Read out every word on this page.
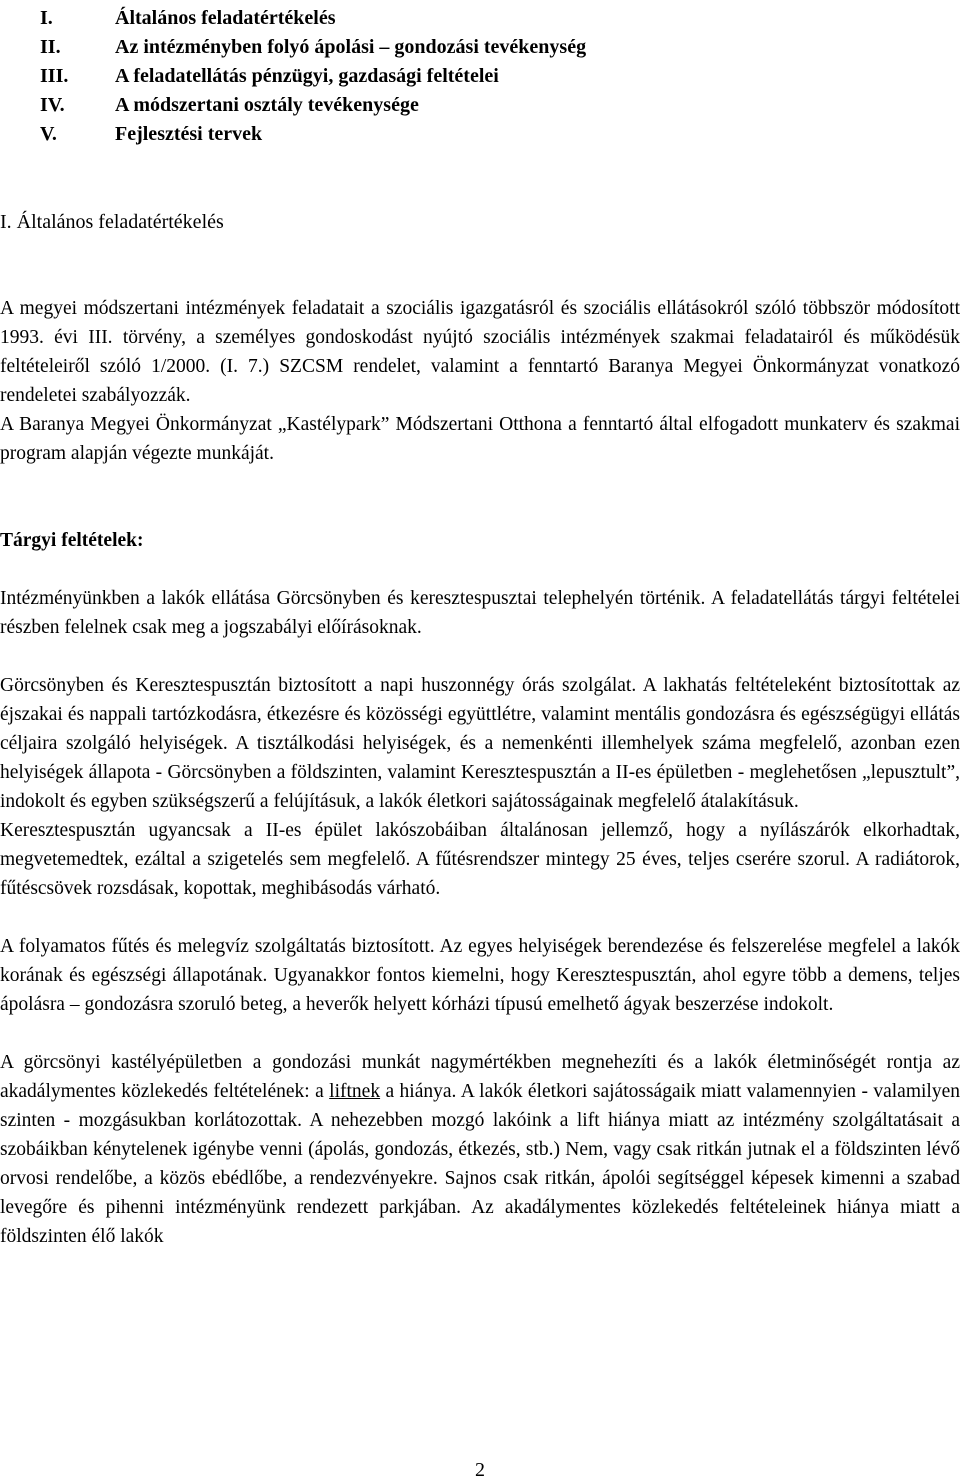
I.	Általános feladatértékelés
II.	Az intézményben folyó ápolási – gondozási tevékenység
III.	A feladatellátás pénzügyi, gazdasági feltételei
IV.	A módszertani osztály tevékenysége
V.	Fejlesztési tervek
I. Általános feladatértékelés

A megyei módszertani intézmények feladatait a szociális igazgatásról és szociális ellátásokról szóló többször módosított 1993. évi III. törvény, a személyes gondoskodást nyújtó szociális intézmények szakmai feladatairól és működésük feltételeiről szóló 1/2000. (I. 7.) SZCSM rendelet, valamint a fenntartó Baranya Megyei Önkormányzat vonatkozó rendeletei szabályozzák.

A Baranya Megyei Önkormányzat „Kastélypark” Módszertani Otthona a fenntartó által elfogadott munkaterv és szakmai program alapján végezte munkáját.

Tárgyi feltételek:

Intézményünkben a lakók ellátása Görcsönyben és keresztespusztai telephelyén történik. A feladatellátás tárgyi feltételei részben felelnek csak meg a jogszabályi előírásoknak.

Görcsönyben és Keresztespusztán biztosított a napi huszonnégy órás szolgálat. A lakhatás feltételeként biztosítottak az éjszakai és nappali tartózkodásra, étkezésre és közösségi együttlétre, valamint mentális gondozásra és egészségügyi ellátás céljaira szolgáló helyiségek. A tisztálkodási helyiségek, és a nemenkénti illemhelyek száma megfelelő, azonban ezen helyiségek állapota - Görcsönyben a földszinten, valamint Keresztespusztán a II-es épületben - meglehetősen „lepusztult”, indokolt és egyben szükségszerű a felújításuk, a lakók életkori sajátosságainak megfelelő átalakításuk.

Keresztespusztán ugyancsak a II-es épület lakószobáiban általánosan jellemző, hogy a nyílászárók elkorhadtak, megvetemedtek, ezáltal a szigetelés sem megfelelő. A fűtésrendszer mintegy 25 éves, teljes cserére szorul. A radiátorok, fűtéscsövek rozsdásak, kopottak, meghibásodás várható.

A folyamatos fűtés és melegvíz szolgáltatás biztosított. Az egyes helyiségek berendezése és felszerelése megfelel a lakók korának és egészségi állapotának. Ugyanakkor fontos kiemelni, hogy Keresztespusztán, ahol egyre több a demens, teljes ápolásra – gondozásra szoruló beteg, a heverők helyett kórházi típusú emelhető ágyak beszerzése indokolt.

A görcsönyi kastélyépületben a gondozási munkát nagymértékben megnehezíti és a lakók életminőségét rontja az akadálymentes közlekedés feltételének: a liftnek a hiánya. A lakók életkori sajátosságaik miatt valamennyien - valamilyen szinten - mozgásukban korlátozottak. A nehezebben mozgó lakóink a lift hiánya miatt az intézmény szolgáltatásait a szobáikban kénytelenek igénybe venni (ápolás, gondozás, étkezés, stb.) Nem, vagy csak ritkán jutnak el a földszinten lévő orvosi rendelőbe, a közös ebédlőbe, a rendezvényekre. Sajnos csak ritkán, ápolói segítséggel képesek kimenni a szabad levegőre és pihenni intézményünk rendezett parkjában. Az akadálymentes közlekedés feltételeinek hiánya miatt a földszinten élő lakók

2
